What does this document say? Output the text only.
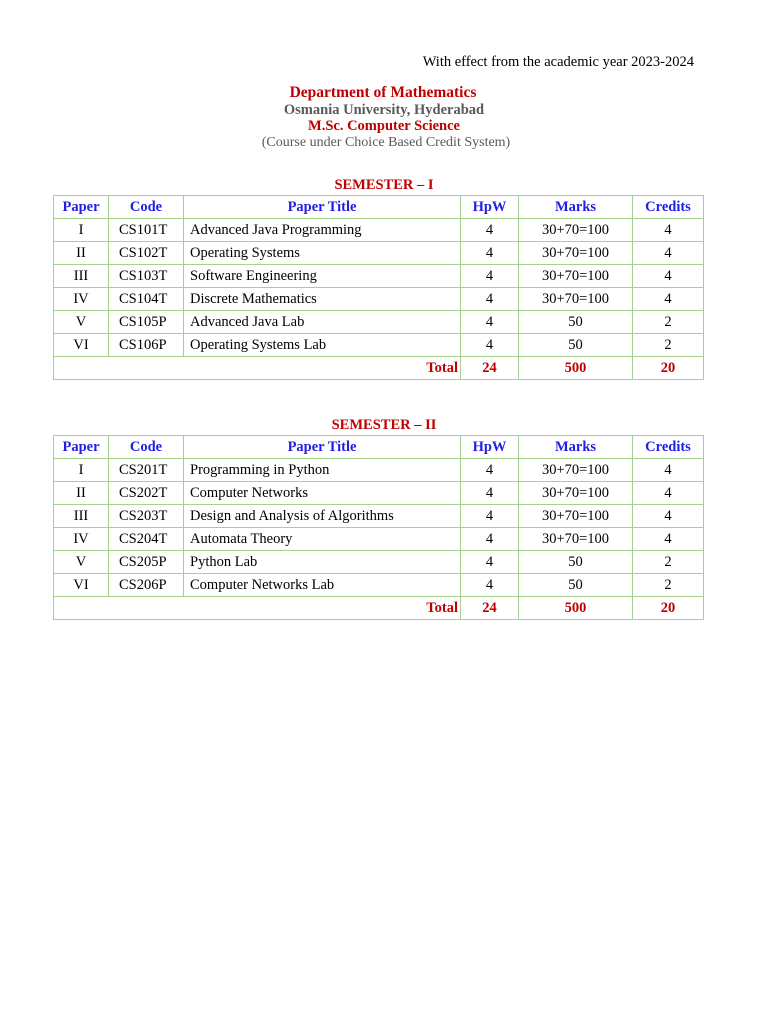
With effect from the academic year 2023-2024
Department of Mathematics
Osmania University, Hyderabad
M.Sc. Computer Science
(Course under Choice Based Credit System)
SEMESTER – I
Paper	Code	Paper Title	HpW	Marks	Credits
I	CS101T	Advanced Java Programming	4	30+70=100	4
II	CS102T	Operating Systems	4	30+70=100	4
III	CS103T	Software Engineering	4	30+70=100	4
IV	CS104T	Discrete Mathematics	4	30+70=100	4
V	CS105P	Advanced Java Lab	4	50	2
VI	CS106P	Operating Systems Lab	4	50	2
Total			24	500	20
SEMESTER – II
Paper	Code	Paper Title	HpW	Marks	Credits
I	CS201T	Programming in Python	4	30+70=100	4
II	CS202T	Computer Networks	4	30+70=100	4
III	CS203T	Design and Analysis of Algorithms	4	30+70=100	4
IV	CS204T	Automata Theory	4	30+70=100	4
V	CS205P	Python Lab	4	50	2
VI	CS206P	Computer Networks Lab	4	50	2
Total			24	500	20
